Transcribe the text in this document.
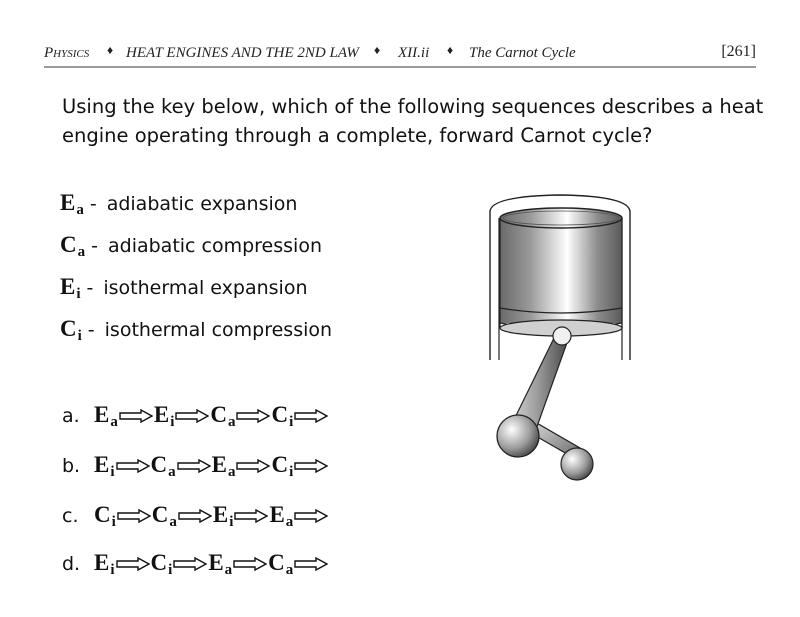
Physics ♦ HEAT ENGINES AND THE 2ND LAW ♦ XII.ii ♦ The Carnot Cycle	[261]
Using the key below, which of the following sequences describes a heat engine operating through a complete, forward Carnot cycle?
$E_a$ - adiabatic expansion
$C_a$ - adiabatic compression
$E_i$ - isothermal expansion
$C_i$ - isothermal compression
a. $E_a$ $E_i$ $C_a$ $C_i$
b. $E_i$ $C_a$ $E_a$ $C_i$
c. $C_i$ $C_a$ $E_i$ $E_a$
d. $E_i$ $C_i$ $E_a$ $C_a$
